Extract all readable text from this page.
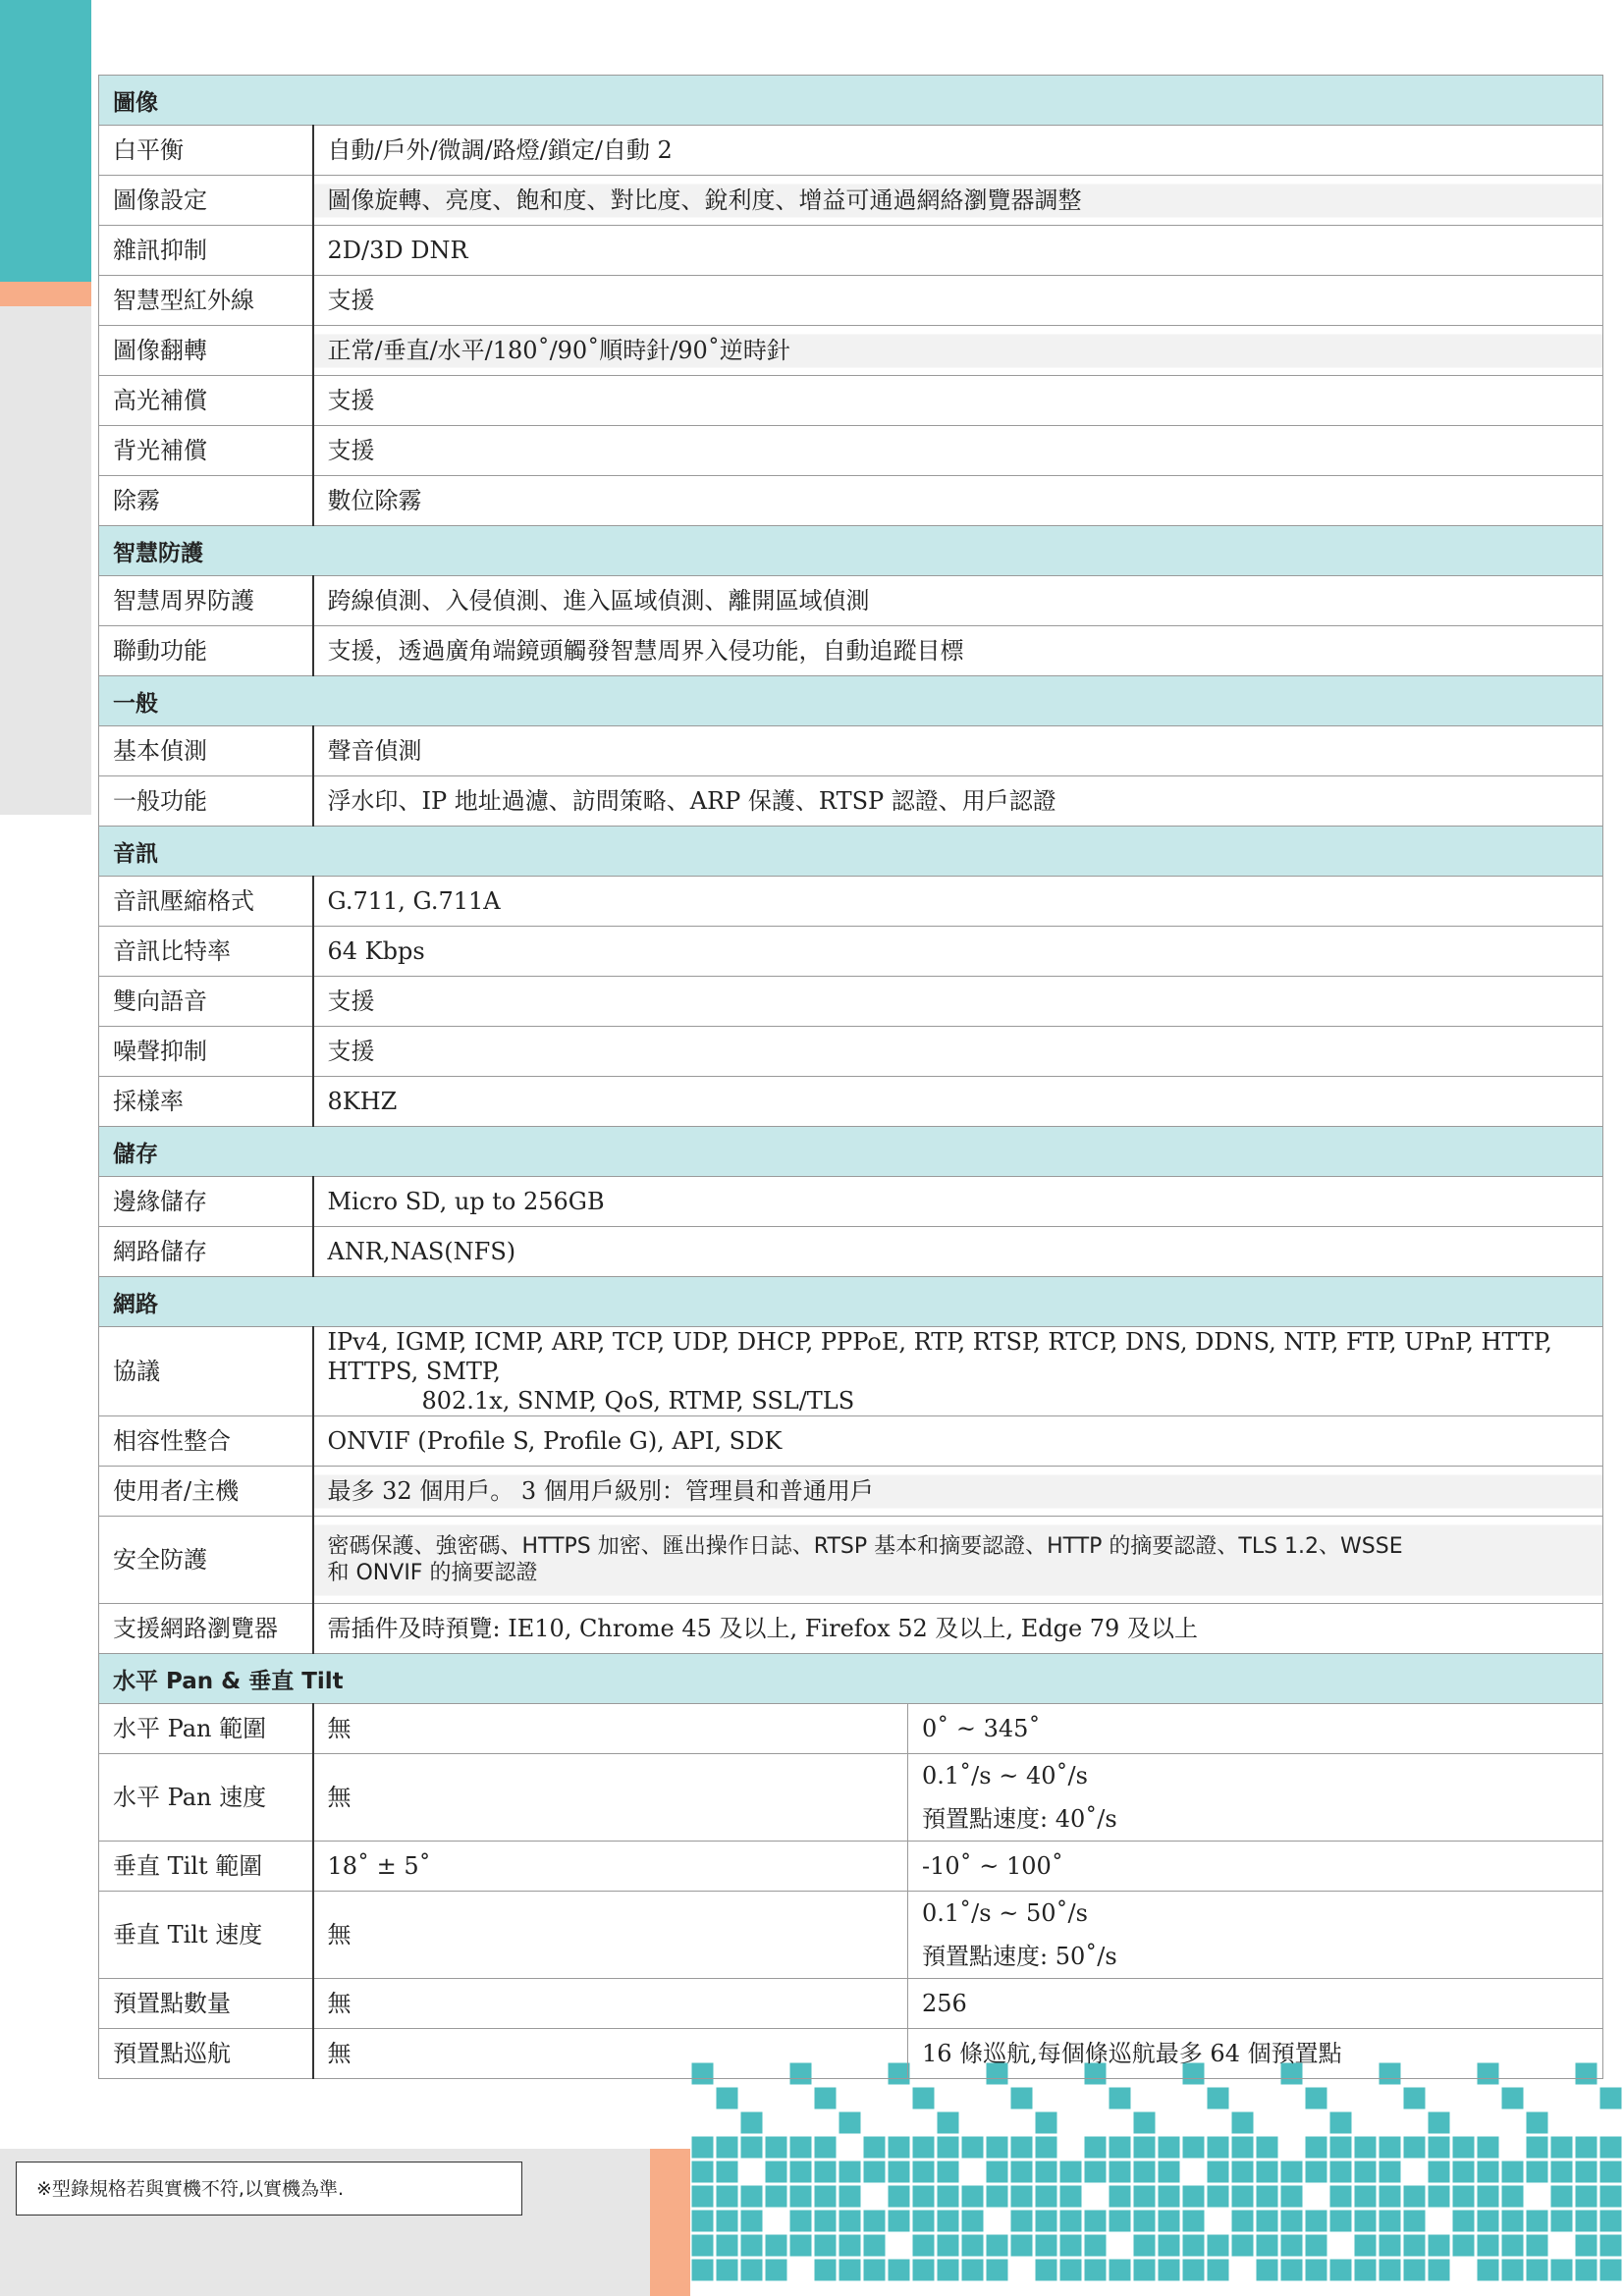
圖像		
白平衡	自動/戶外/微調/路燈/鎖定/自動 2	
圖像設定	圖像旋轉、亮度、飽和度、對比度、銳利度、增益可通過網絡瀏覽器調整	
雜訊抑制	2D/3D DNR	
智慧型紅外線	支援	
圖像翻轉	正常/垂直/水平/180˚/90˚順時針/90˚逆時針	
高光補償	支援	
背光補償	支援	
除霧	數位除霧	
智慧防護		
智慧周界防護	跨線偵測、入侵偵測、進入區域偵測、離開區域偵測	
聯動功能	支援，透過廣角端鏡頭觸發智慧周界入侵功能，自動追蹤目標	
一般		
基本偵測	聲音偵測	
一般功能	浮水印、IP 地址過濾、訪問策略、ARP 保護、RTSP 認證、用戶認證	
音訊		
音訊壓縮格式	G.711, G.711A	
音訊比特率	64 Kbps	
雙向語音	支援	
噪聲抑制	支援	
採樣率	8KHZ	
儲存		
邊緣儲存	Micro SD, up to 256GB	
網路儲存	ANR,NAS(NFS)	
網路		
協議	IPv4, IGMP, ICMP, ARP, TCP, UDP, DHCP, PPPoE, RTP, RTSP, RTCP, DNS, DDNS, NTP, FTP, UPnP, HTTP, HTTPS, SMTP,
802.1x, SNMP, QoS, RTMP, SSL/TLS	

相容性整合	ONVIF (Profile S, Profile G), API, SDK	
使用者/主機	最多 32 個用戶。 3 個用戶級別：管理員和普通用戶	
安全防護	密碼保護、強密碼、HTTPS 加密、匯出操作日誌、RTSP 基本和摘要認證、HTTP 的摘要認證、TLS 1.2、WSSE
和 ONVIF 的摘要認證	

支援網路瀏覽器	需插件及時預覽: IE10, Chrome 45 及以上, Firefox 52 及以上, Edge 79 及以上	
水平 Pan & 垂直 Tilt		
水平 Pan 範圍	無	0˚ ~ 345˚
水平 Pan 速度	無	0.1˚/s ~ 40˚/s
預置點速度: 40˚/s

垂直 Tilt 範圍	18˚ ± 5˚	-10˚ ~ 100˚
垂直 Tilt 速度	無	0.1˚/s ~ 50˚/s
預置點速度: 50˚/s

預置點數量	無	256
預置點巡航	無	16 條巡航,每個條巡航最多 64 個預置點
※型錄規格若與實機不符,以實機為準.
